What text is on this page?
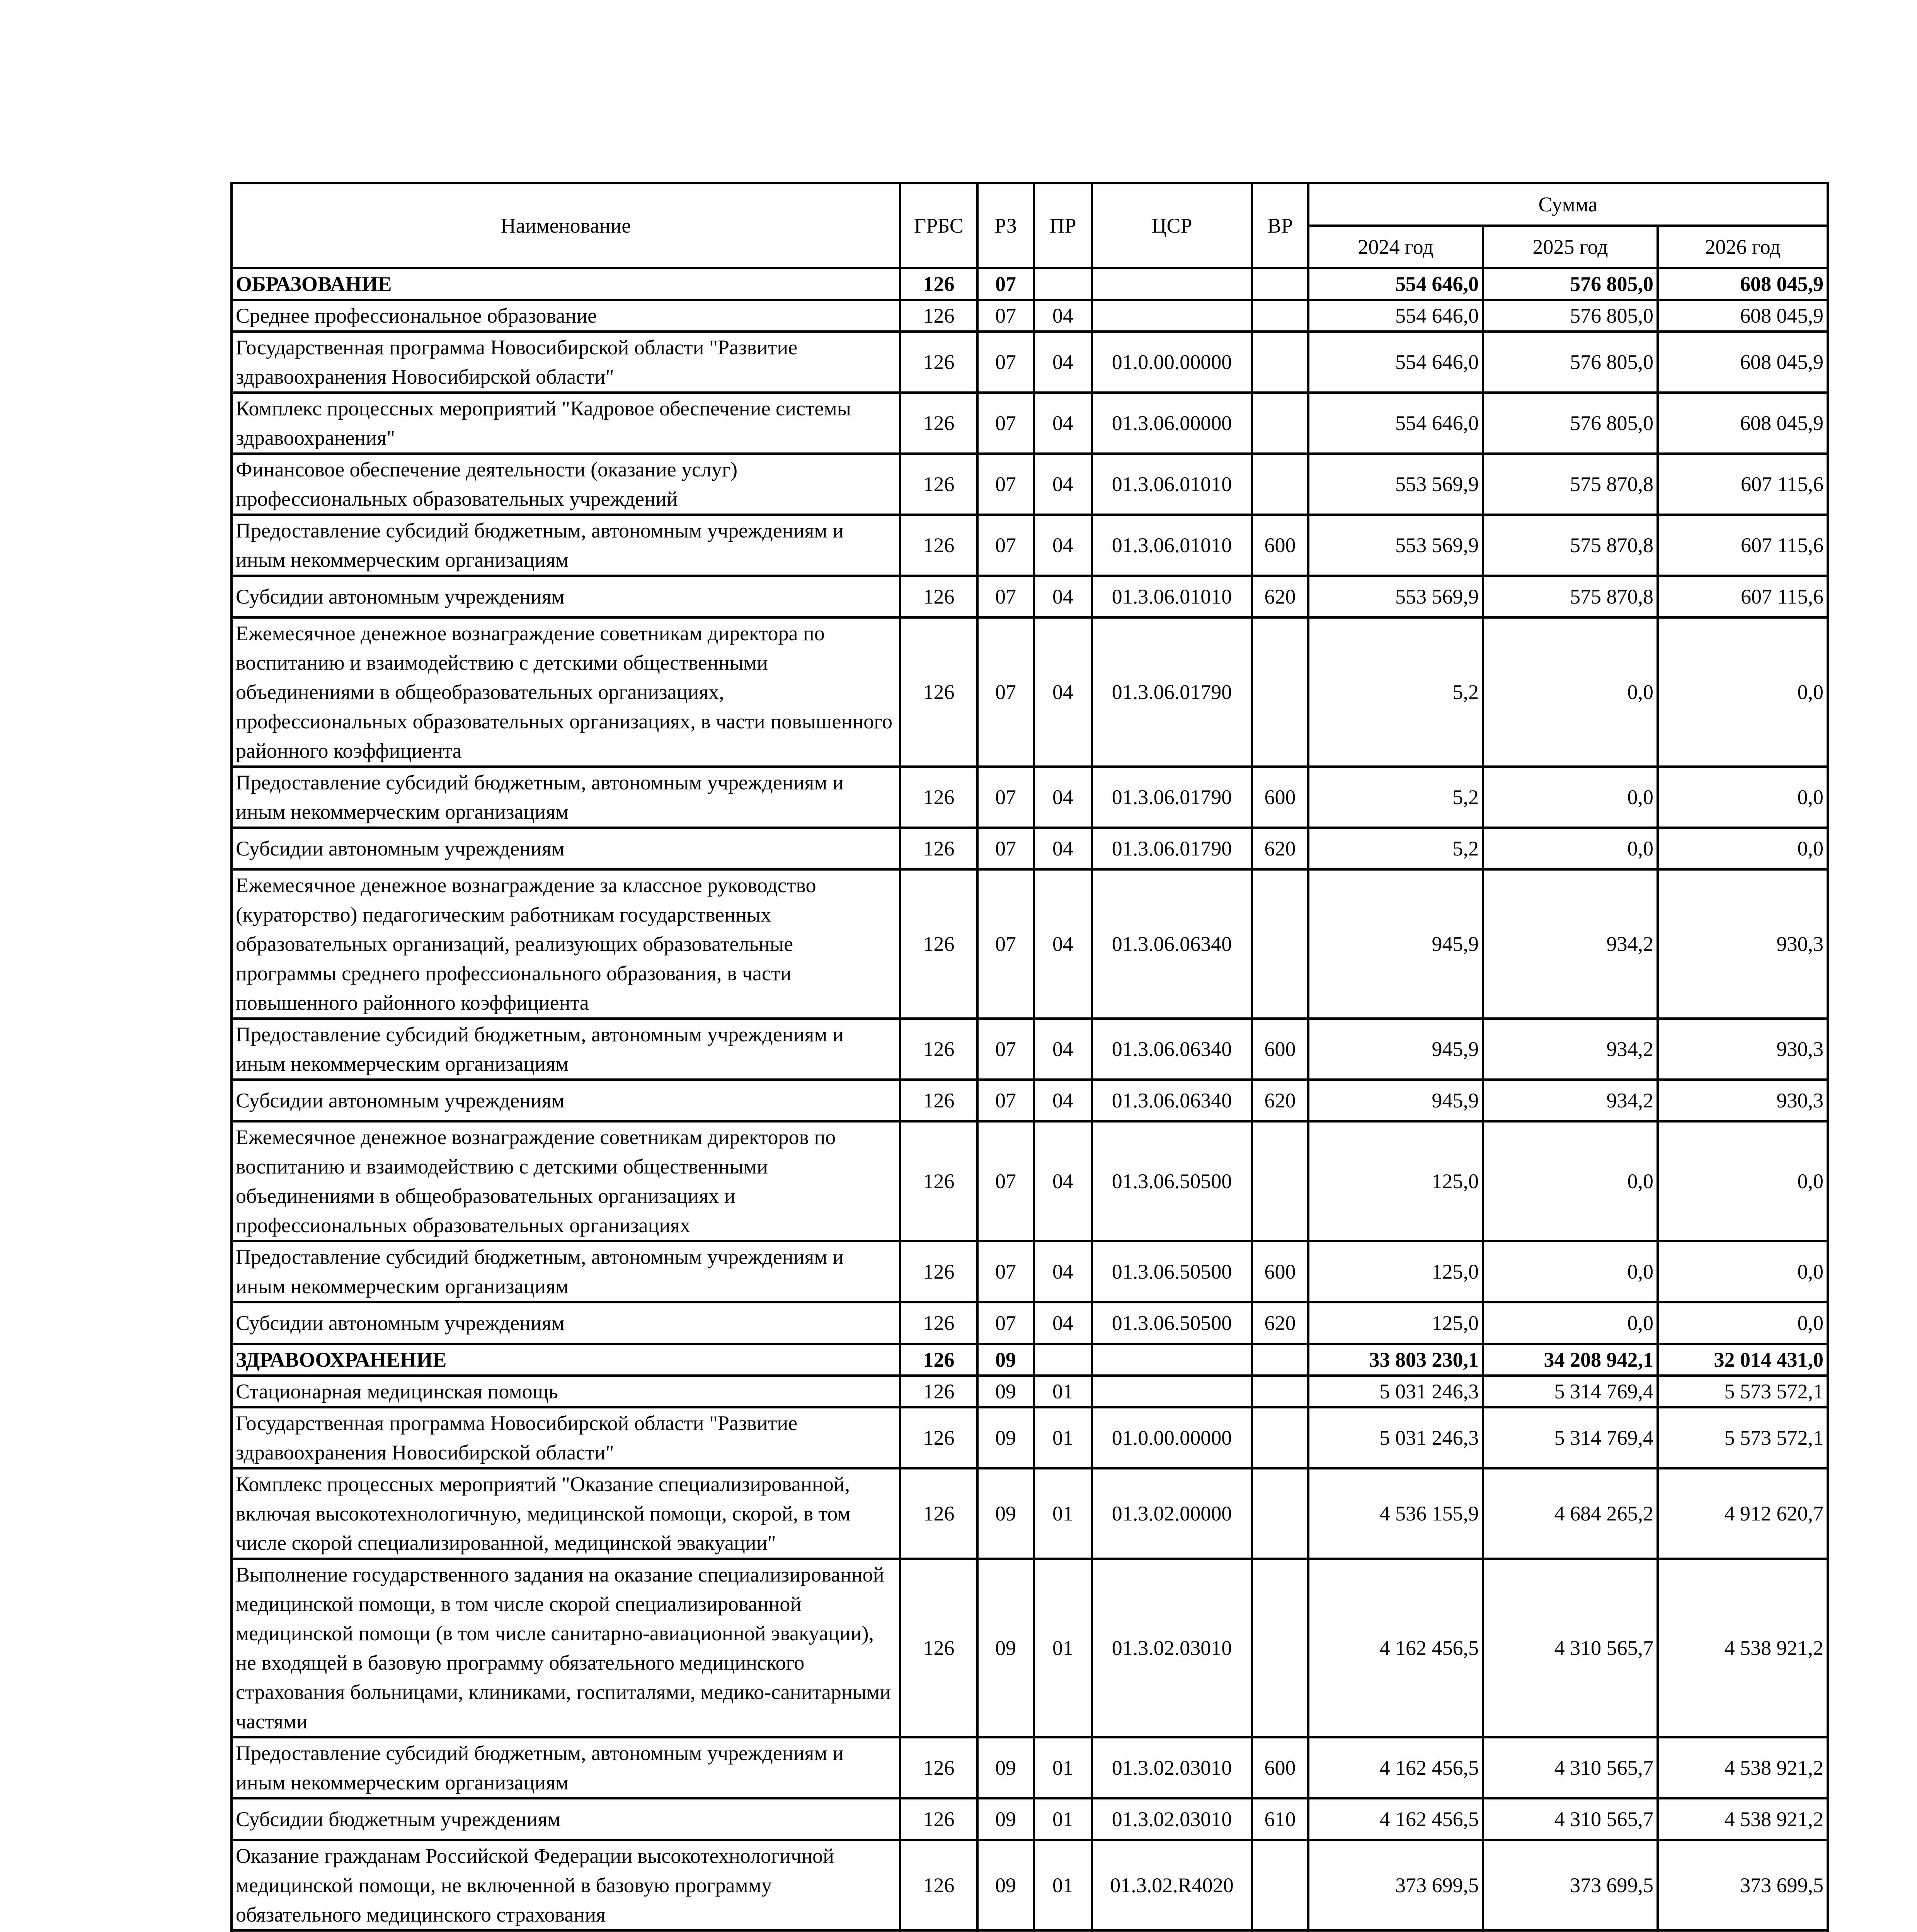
Наименование	ГРБС	РЗ	ПР	ЦСР	ВР	Сумма		
						2024 год	2025 год	2026 год
ОБРАЗОВАНИЕ	126	07				554 646,0	576 805,0	608 045,9
Среднее профессиональное образование	126	07	04			554 646,0	576 805,0	608 045,9
Государственная программа Новосибирской области "Развитие здравоохранения Новосибирской области"	126	07	04	01.0.00.00000		554 646,0	576 805,0	608 045,9
Комплекс процессных мероприятий "Кадровое обеспечение системы здравоохранения"	126	07	04	01.3.06.00000		554 646,0	576 805,0	608 045,9
Финансовое обеспечение деятельности (оказание услуг) профессиональных образовательных учреждений	126	07	04	01.3.06.01010		553 569,9	575 870,8	607 115,6
Предоставление субсидий бюджетным, автономным учреждениям и иным некоммерческим организациям	126	07	04	01.3.06.01010	600	553 569,9	575 870,8	607 115,6
Субсидии автономным учреждениям	126	07	04	01.3.06.01010	620	553 569,9	575 870,8	607 115,6
Ежемесячное денежное вознаграждение советникам директора по воспитанию и взаимодействию с детскими общественными объединениями в общеобразовательных организациях, профессиональных образовательных организациях, в части повышенного районного коэффициента	126	07	04	01.3.06.01790		5,2	0,0	0,0
Предоставление субсидий бюджетным, автономным учреждениям и иным некоммерческим организациям	126	07	04	01.3.06.01790	600	5,2	0,0	0,0
Субсидии автономным учреждениям	126	07	04	01.3.06.01790	620	5,2	0,0	0,0
Ежемесячное денежное вознаграждение за классное руководство (кураторство) педагогическим работникам государственных образовательных организаций, реализующих образовательные программы среднего профессионального образования, в части повышенного районного коэффициента	126	07	04	01.3.06.06340		945,9	934,2	930,3
Предоставление субсидий бюджетным, автономным учреждениям и иным некоммерческим организациям	126	07	04	01.3.06.06340	600	945,9	934,2	930,3
Субсидии автономным учреждениям	126	07	04	01.3.06.06340	620	945,9	934,2	930,3
Ежемесячное денежное вознаграждение советникам директоров по воспитанию и взаимодействию с детскими общественными объединениями в общеобразовательных организациях и профессиональных образовательных организациях	126	07	04	01.3.06.50500		125,0	0,0	0,0
Предоставление субсидий бюджетным, автономным учреждениям и иным некоммерческим организациям	126	07	04	01.3.06.50500	600	125,0	0,0	0,0
Субсидии автономным учреждениям	126	07	04	01.3.06.50500	620	125,0	0,0	0,0
ЗДРАВООХРАНЕНИЕ	126	09				33 803 230,1	34 208 942,1	32 014 431,0
Стационарная медицинская помощь	126	09	01			5 031 246,3	5 314 769,4	5 573 572,1
Государственная программа Новосибирской области "Развитие здравоохранения Новосибирской области"	126	09	01	01.0.00.00000		5 031 246,3	5 314 769,4	5 573 572,1
Комплекс процессных мероприятий "Оказание специализированной, включая высокотехнологичную, медицинской помощи, скорой, в том числе скорой специализированной, медицинской эвакуации"	126	09	01	01.3.02.00000		4 536 155,9	4 684 265,2	4 912 620,7
Выполнение государственного задания на оказание специализированной медицинской помощи, в том числе скорой специализированной медицинской помощи (в том числе санитарно-авиационной эвакуации), не входящей в базовую программу обязательного медицинского страхования больницами, клиниками, госпиталями, медико-санитарными частями	126	09	01	01.3.02.03010		4 162 456,5	4 310 565,7	4 538 921,2
Предоставление субсидий бюджетным, автономным учреждениям и иным некоммерческим организациям	126	09	01	01.3.02.03010	600	4 162 456,5	4 310 565,7	4 538 921,2
Субсидии бюджетным учреждениям	126	09	01	01.3.02.03010	610	4 162 456,5	4 310 565,7	4 538 921,2
Оказание гражданам Российской Федерации высокотехнологичной медицинской помощи, не включенной в базовую программу обязательного медицинского страхования	126	09	01	01.3.02.R4020		373 699,5	373 699,5	373 699,5
